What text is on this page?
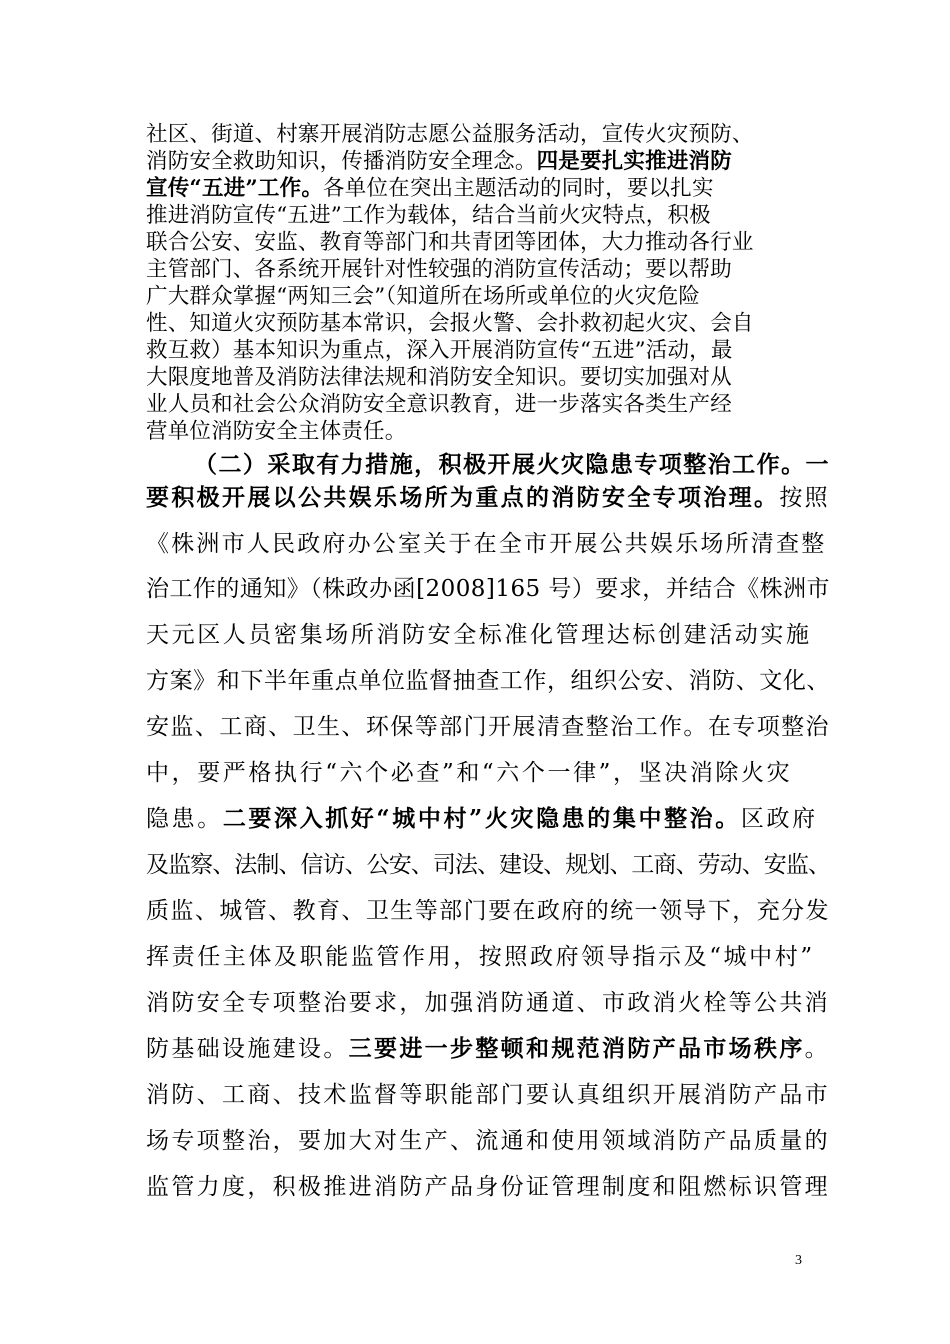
社区、街道、村寨开展消防志愿公益服务活动，宣传火灾预防、
消防安全救助知识，传播消防安全理念。四是要扎实推进消防
宣传“五进”工作。各单位在突出主题活动的同时，要以扎实
推进消防宣传“五进”工作为载体，结合当前火灾特点，积极
联合公安、安监、教育等部门和共青团等团体，大力推动各行业
主管部门、各系统开展针对性较强的消防宣传活动；要以帮助
广大群众掌握“两知三会”（知道所在场所或单位的火灾危险
性、知道火灾预防基本常识，会报火警、会扑救初起火灾、会自
救互救）基本知识为重点，深入开展消防宣传“五进”活动，最
大限度地普及消防法律法规和消防安全知识。要切实加强对从
业人员和社会公众消防安全意识教育，进一步落实各类生产经
营单位消防安全主体责任。
（二）采取有力措施，积极开展火灾隐患专项整治工作。一
要积极开展以公共娱乐场所为重点的消防安全专项治理。按照
《株洲市人民政府办公室关于在全市开展公共娱乐场所清查整
治工作的通知》（株政办函[2008]165 号）要求，并结合《株洲市
天元区人员密集场所消防安全标准化管理达标创建活动实施
方案》和下半年重点单位监督抽查工作，组织公安、消防、文化、
安监、工商、卫生、环保等部门开展清查整治工作。在专项整治
中，要严格执行“六个必查”和“六个一律”，坚决消除火灾
隐患。二要深入抓好“城中村”火灾隐患的集中整治。区政府
及监察、法制、信访、公安、司法、建设、规划、工商、劳动、安监、
质监、城管、教育、卫生等部门要在政府的统一领导下，充分发
挥责任主体及职能监管作用，按照政府领导指示及“城中村”
消防安全专项整治要求，加强消防通道、市政消火栓等公共消
防基础设施建设。三要进一步整顿和规范消防产品市场秩序。
消防、工商、技术监督等职能部门要认真组织开展消防产品市
场专项整治，要加大对生产、流通和使用领域消防产品质量的
监管力度，积极推进消防产品身份证管理制度和阻燃标识管理
3
